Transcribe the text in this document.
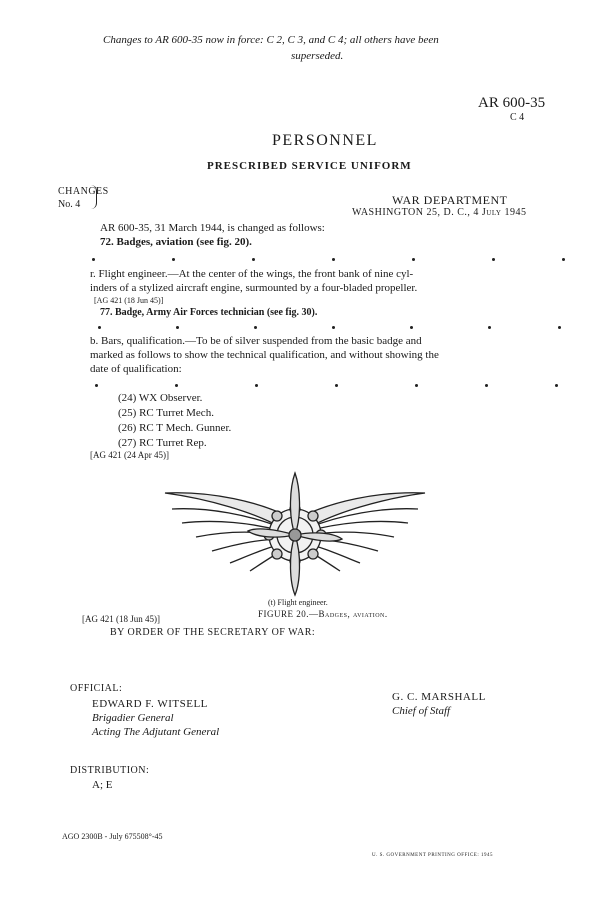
Changes to AR 600-35 now in force: C 2, C 3, and C 4; all others have been
superseded.
AR 600-35
C 4
PERSONNEL
PRESCRIBED SERVICE UNIFORM
CHANGES
No. 4	WAR DEPARTMENT
WASHINGTON 25, D. C., 4 July 1945
AR 600-35, 31 March 1944, is changed as follows:
72. Badges, aviation (see fig. 20).
r. Flight engineer.—At the center of the wings, the front bank of nine cyl-
inders of a stylized aircraft engine, surmounted by a four-bladed propeller.
[AG 421 (18 Jun 45)]
77. Badge, Army Air Forces technician (see fig. 30).
b. Bars, qualification.—To be of silver suspended from the basic badge and
marked as follows to show the technical qualification, and without showing the
date of qualification:
(24) WX Observer.
(25) RC Turret Mech.
(26) RC T Mech. Gunner.
(27) RC Turret Rep.
[AG 421 (24 Apr 45)]
(t) Flight engineer.
FIGURE 20.—Badges, aviation.
[AG 421 (18 Jun 45)]
BY ORDER OF THE SECRETARY OF WAR:
OFFICIAL:
EDWARD F. WITSELL
Brigadier General
Acting The Adjutant General
G. C. MARSHALL
Chief of Staff
DISTRIBUTION:
A; E
AGO 2300B - July 675508°-45
U. S. GOVERNMENT PRINTING OFFICE: 1945
